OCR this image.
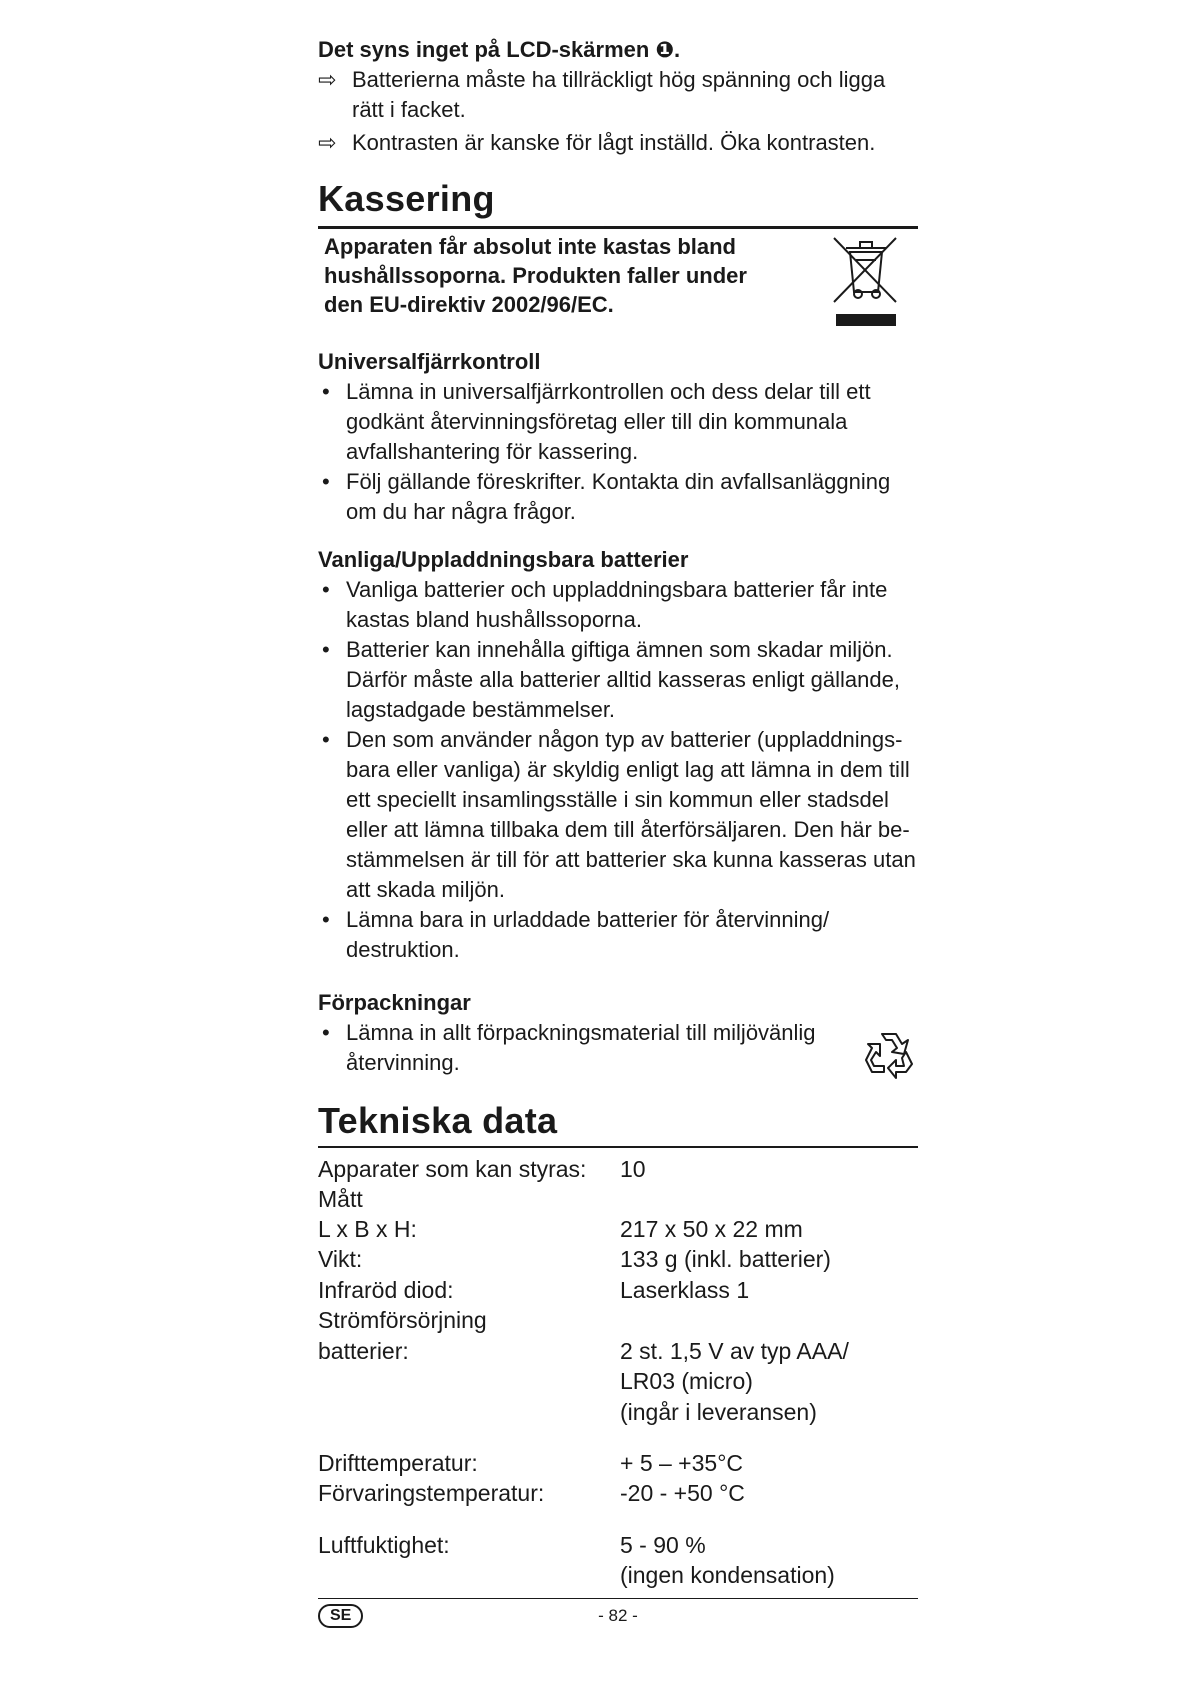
Det syns inget på LCD-skärmen ❶.
⇨ Batterierna måste ha tillräckligt hög spänning och ligga rätt i facket.
⇨ Kontrasten är kanske för lågt inställd. Öka kontrasten.
Kassering
Apparaten får absolut inte kastas bland hushållssoporna. Produkten faller under den EU-direktiv 2002/96/EC.
Universalfjärrkontroll
• Lämna in universalfjärrkontrollen och dess delar till ett godkänt återvinningsföretag eller till din kommunala avfallshantering för kassering.
• Följ gällande föreskrifter. Kontakta din avfallsanläggning om du har några frågor.
Vanliga/Uppladdningsbara batterier
• Vanliga batterier och uppladdningsbara batterier får inte kastas bland hushållssoporna.
• Batterier kan innehålla giftiga ämnen som skadar miljön. Därför måste alla batterier alltid kasseras enligt gällande, lagstadgade bestämmelser.
• Den som använder någon typ av batterier (uppladdnings-bara eller vanliga) är skyldig enligt lag att lämna in dem till ett speciellt insamlingsställe i sin kommun eller stadsdel eller att lämna tillbaka dem till återförsäljaren. Den här be-stämmelsen är till för att batterier ska kunna kasseras utan att skada miljön.
• Lämna bara in urladdade batterier för återvinning/ destruktion.
Förpackningar
• Lämna in allt förpackningsmaterial till miljövänlig återvinning.
Tekniska data
Apparater som kan styras: 10
Mått
L x B x H:	217 x 50 x 22 mm
Vikt:	133 g (inkl. batterier)
Infraröd diod:	Laserklass 1
Strömförsörjning
batterier:	2 st. 1,5 V av typ AAA/
LR03 (micro)
(ingår i leveransen)
Drifttemperatur:	+ 5 – +35°C
Förvaringstemperatur:	-20 - +50 °C
Luftfuktighet:	5 - 90 %
(ingen kondensation)
SE	- 82 -
